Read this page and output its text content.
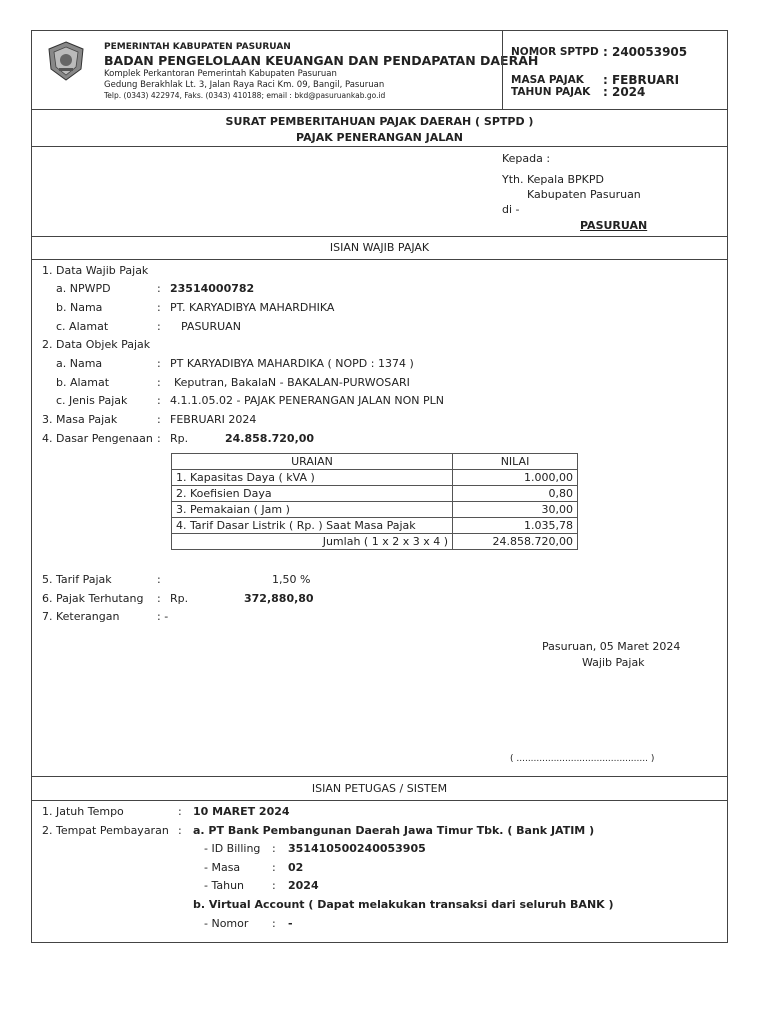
PEMERINTAH KABUPATEN PASURUAN
BADAN PENGELOLAAN KEUANGAN DAN PENDAPATAN DAERAH
Komplek Perkantoran Pemerintah Kabupaten Pasuruan
Gedung Berakhlak Lt. 3, Jalan Raya Raci Km. 09, Bangil, Pasuruan
Telp. (0343) 422974, Faks. (0343) 410188; email : bkd@pasuruankab.go.id
NOMOR SPTPD : 240053905
MASA PAJAK : FEBRUARI
TAHUN PAJAK : 2024
SURAT PEMBERITAHUAN PAJAK DAERAH ( SPTPD )
PAJAK PENERANGAN JALAN
Kepada :
Yth. Kepala BPKPD
Kabupaten Pasuruan
di -
PASURUAN
ISIAN WAJIB PAJAK
1. Data Wajib Pajak
a. NPWPD	: 23514000782
b. Nama	: PT. KARYADIBYA MAHARDHIKA
c. Alamat	: PASURUAN
2. Data Objek Pajak
a. Nama	: PT KARYADIBYA MAHARDIKA ( NOPD : 1374 )
b. Alamat	: Keputran, BakalaN - BAKALAN-PURWOSARI
c. Jenis Pajak	: 4.1.1.05.02 - PAJAK PENERANGAN JALAN NON PLN
3. Masa Pajak	: FEBRUARI 2024
4. Dasar Pengenaan : Rp.	24.858.720,00
URAIAN	NILAI
1. Kapasitas Daya ( kVA )	1.000,00
2. Koefisien Daya	0,80
3. Pemakaian ( Jam )	30,00
4. Tarif Dasar Listrik ( Rp. ) Saat Masa Pajak	1.035,78
Jumlah ( 1 x 2 x 3 x 4 )	24.858.720,00
5. Tarif Pajak	:	1,50 %
6. Pajak Terhutang : Rp.	372,880,80
7. Keterangan	: -
Pasuruan, 05 Maret 2024
Wajib Pajak
( .............................................. )
ISIAN PETUGAS / SISTEM
1. Jatuh Tempo	: 10 MARET 2024
2. Tempat Pembayaran : a. PT Bank Pembangunan Daerah Jawa Timur Tbk. ( Bank JATIM )
- ID Billing : 351410500240053905
- Masa	: 02
- Tahun	: 2024
b. Virtual Account ( Dapat melakukan transaksi dari seluruh BANK )
- Nomor : -
